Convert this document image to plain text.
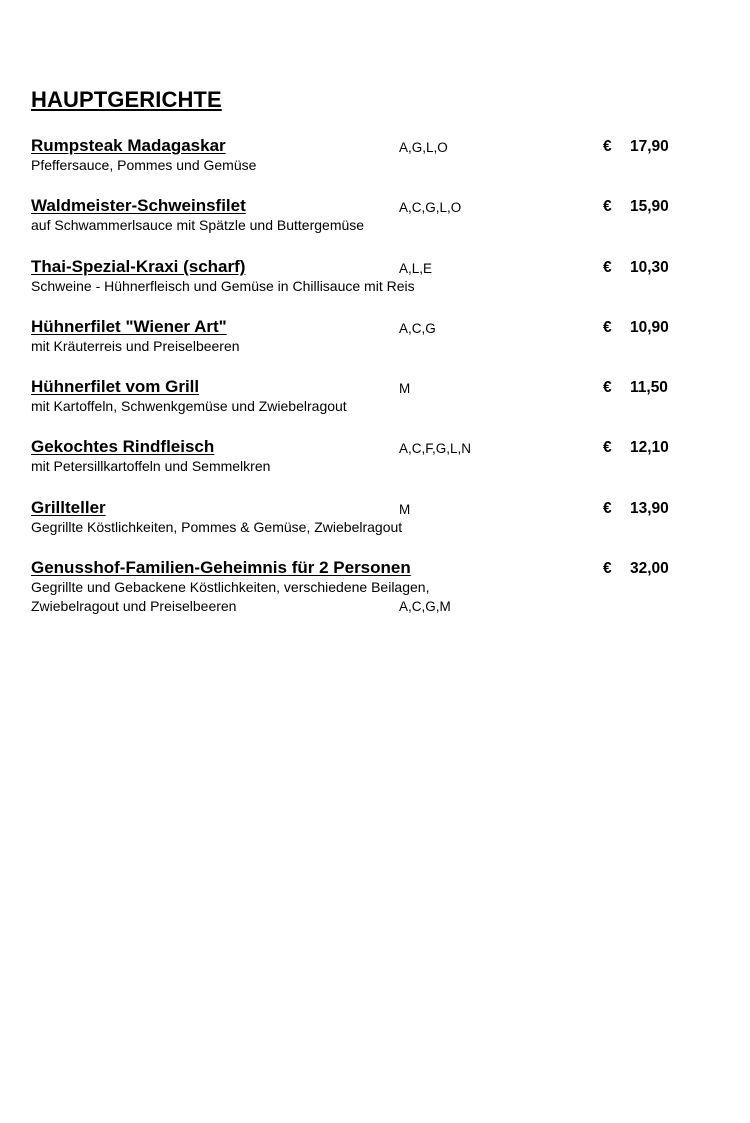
HAUPTGERICHTE
Rumpsteak Madagaskar	A,G,L,O	€ 17,90
Pfeffersauce, Pommes und Gemüse
Waldmeister-Schweinsfilet	A,C,G,L,O	€ 15,90
auf Schwammerlsauce mit Spätzle und Buttergemüse
Thai-Spezial-Kraxi (scharf)	A,L,E	€ 10,30
Schweine - Hühnerfleisch und Gemüse in Chillisauce mit Reis
Hühnerfilet "Wiener Art"	A,C,G	€ 10,90
mit Kräuterreis und Preiselbeeren
Hühnerfilet vom Grill	M	€ 11,50
mit Kartoffeln, Schwenkgemüse und Zwiebelragout
Gekochtes Rindfleisch	A,C,F,G,L,N	€ 12,10
mit Petersillkartoffeln und Semmelkren
Grillteller	M	€ 13,90
Gegrillte Köstlichkeiten, Pommes & Gemüse, Zwiebelragout
Genusshof-Familien-Geheimnis für 2 Personen	€ 32,00
Gegrillte und Gebackene Köstlichkeiten, verschiedene Beilagen,
Zwiebelragout und Preiselbeeren	A,C,G,M
